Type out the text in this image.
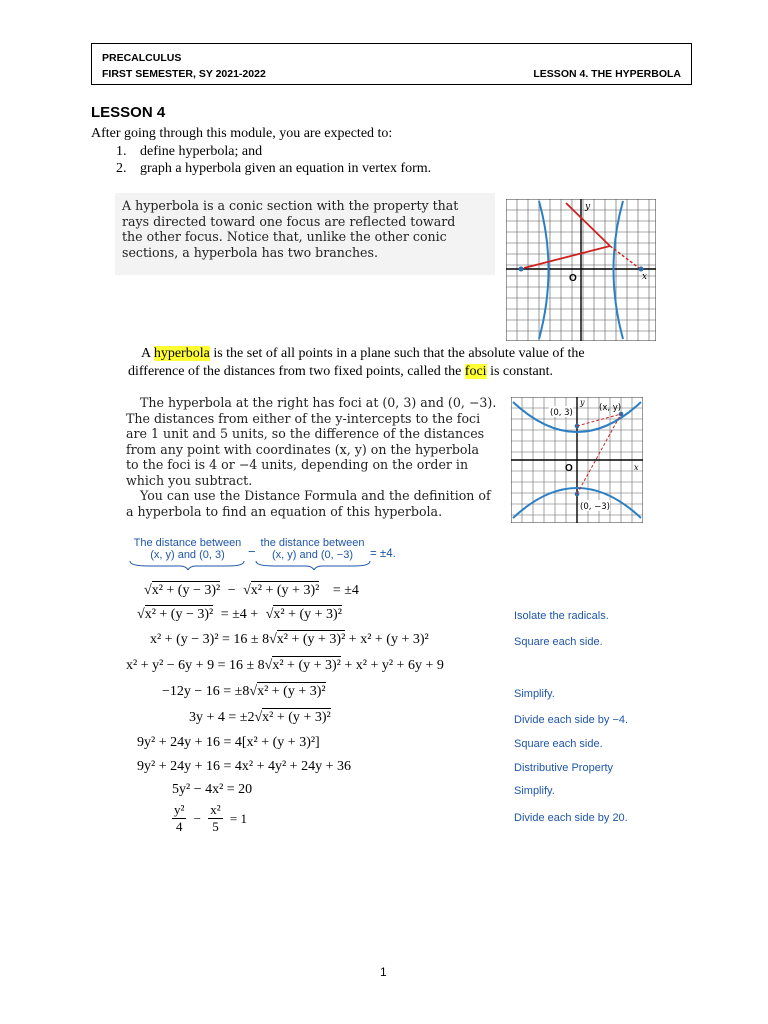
PRECALCULUS
FIRST SEMESTER, SY 2021-2022	LESSON 4. THE HYPERBOLA
LESSON 4
After going through this module, you are expected to:
1. define hyperbola; and
2. graph a hyperbola given an equation in vertex form.
A hyperbola is a conic section with the property that
rays directed toward one focus are reflected toward
the other focus. Notice that, unlike the other conic
sections, a hyperbola has two branches.
y
x
O
A hyperbola is the set of all points in a plane such that the absolute value of the
difference of the distances from two fixed points, called the foci is constant.
The hyperbola at the right has foci at (0, 3) and (0, −3).
The distances from either of the y-intercepts to the foci
are 1 unit and 5 units, so the difference of the distances
from any point with coordinates (x, y) on the hyperbola
to the foci is 4 or −4 units, depending on the order in
which you subtract.
You can use the Distance Formula and the definition of
a hyperbola to find an equation of this hyperbola.
(0, 3)	(x, y)
(0, −3)
y
x
O
The distance between
(x, y) and (0, 3)	−
the distance between
(x, y) and (0, −3)	= ±4.
√x² + (y − 3)² − √x² + (y + 3)² = ±4
√x² + (y − 3)² = ±4 + √x² + (y + 3)²	Isolate the radicals.
x² + (y − 3)² = 16 ± 8√x² + (y + 3)² + x² + (y + 3)²	Square each side.
x² + y² − 6y + 9 = 16 ± 8√x² + (y + 3)² + x² + y² + 6y + 9
−12y − 16 = ±8√x² + (y + 3)²	Simplify.
3y + 4 = ±2√x² + (y + 3)²	Divide each side by −4.
9y² + 24y + 16 = 4[x² + (y + 3)²]	Square each side.
9y² + 24y + 16 = 4x² + 4y² + 24y + 36	Distributive Property
5y² − 4x² = 20	Simplify.
$\frac{\text{y²}}{4} - \frac{\text{x²}}{5} = 1$	Divide each side by 20.
1
